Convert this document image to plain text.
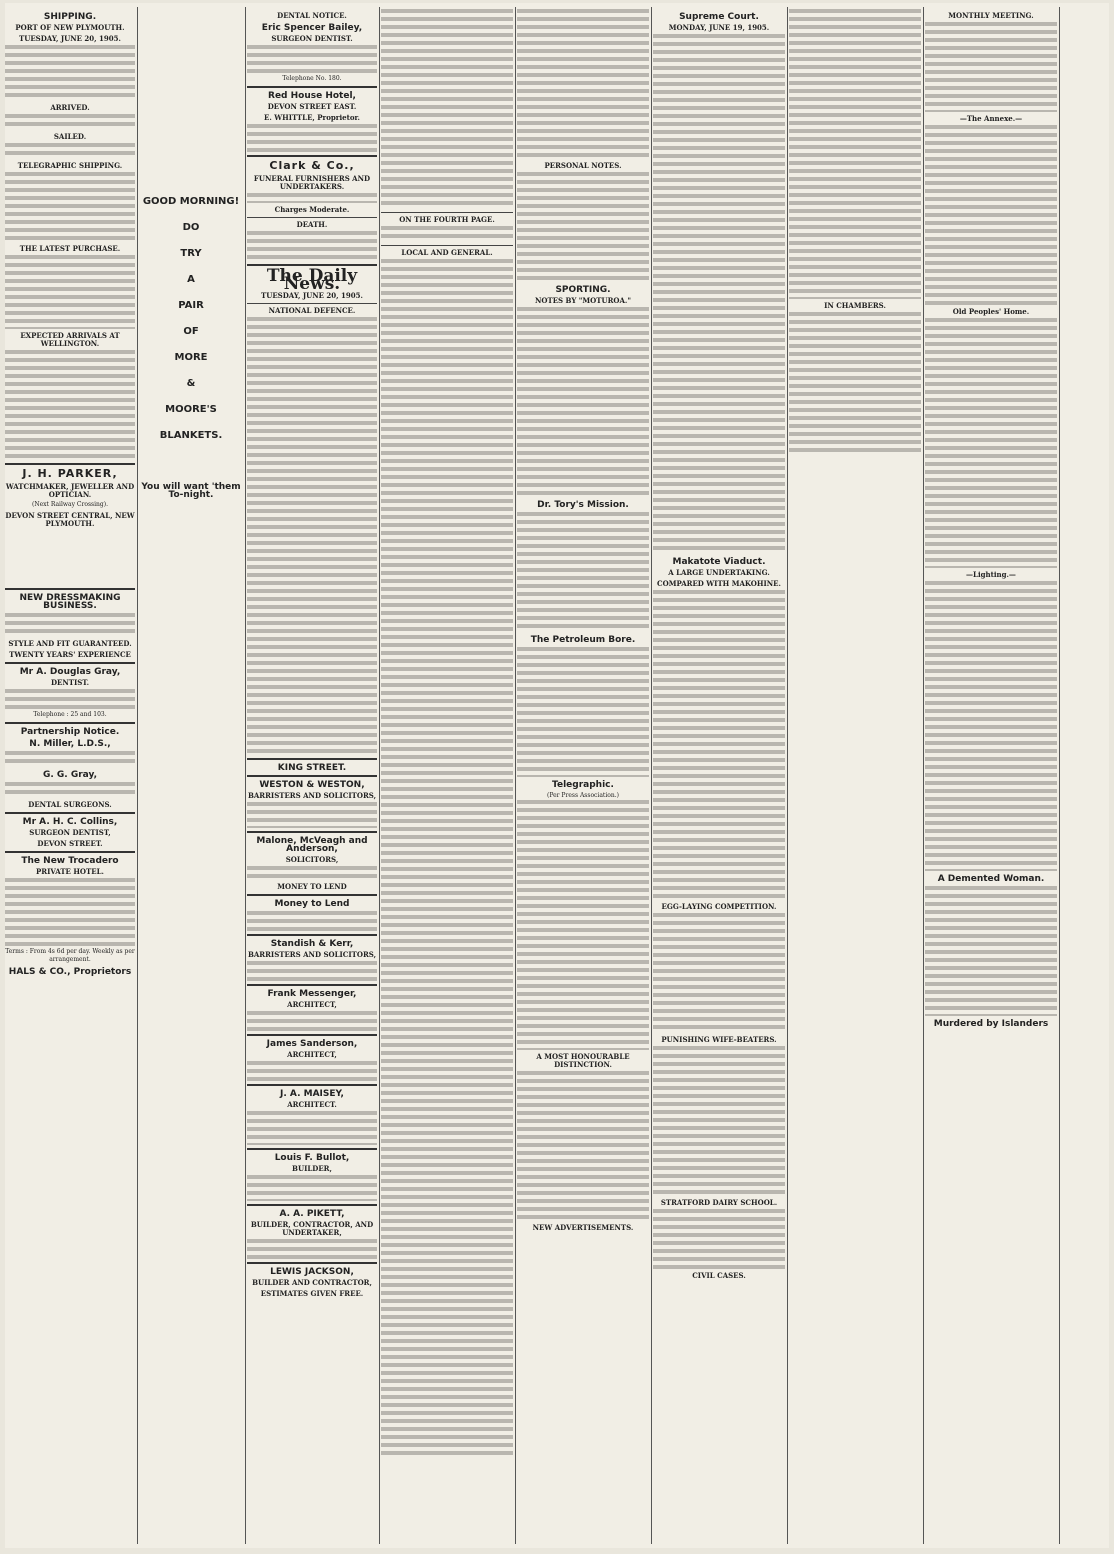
SHIPPING.
PORT OF NEW PLYMOUTH.
TUESDAY, JUNE 20, 1905.
ARRIVED.
SAILED.
TELEGRAPHIC SHIPPING.
THE LATEST PURCHASE.
EXPECTED ARRIVALS AT WELLINGTON.
J. H. PARKER,
WATCHMAKER, JEWELLER AND OPTICIAN.
(Next Railway Crossing).
DEVON STREET CENTRAL, NEW PLYMOUTH.
NEW DRESSMAKING BUSINESS.
STYLE AND FIT GUARANTEED.
TWENTY YEARS' EXPERIENCE
Mr A. Douglas Gray,
DENTIST.
Telephone : 25 and 103.
Partnership Notice.
N. Miller, L.D.S.,
G. G. Gray,
DENTAL SURGEONS.
Mr A. H. C. Collins,
SURGEON DENTIST,
DEVON STREET.
The New Trocadero
PRIVATE HOTEL.
Terms : From 4s 6d per day. Weekly as per arrangement.
HALS & CO., Proprietors
GOOD MORNING!
DO
TRY
A
PAIR
OF
MORE
&
MOORE'S
BLANKETS.
You will want 'them To-night.
DENTAL NOTICE.
Eric Spencer Bailey,
SURGEON DENTIST.
Telephone No. 180.
Red House Hotel,
DEVON STREET EAST.
E. WHITTLE, Proprietor.
Clark & Co.,
FUNERAL FURNISHERS AND UNDERTAKERS.
Charges Moderate.
DEATH.
The Daily News.
TUESDAY, JUNE 20, 1905.
NATIONAL DEFENCE.
KING STREET.
WESTON & WESTON,
BARRISTERS AND SOLICITORS,
Malone, McVeagh and Anderson,
SOLICITORS,
MONEY TO LEND
Money to Lend
Standish & Kerr,
BARRISTERS AND SOLICITORS,
Frank Messenger,
ARCHITECT,
James Sanderson,
ARCHITECT,
J. A. MAISEY,
ARCHITECT.
Louis F. Bullot,
BUILDER,
A. A. PIKETT,
BUILDER, CONTRACTOR, AND UNDERTAKER,
LEWIS JACKSON,
BUILDER AND CONTRACTOR,
ESTIMATES GIVEN FREE.
ON THE FOURTH PAGE.
LOCAL AND GENERAL.
PERSONAL NOTES.
SPORTING.
NOTES BY "MOTUROA."
Dr. Tory's Mission.
The Petroleum Bore.
Telegraphic.
(Per Press Association.)
A MOST HONOURABLE DISTINCTION.
NEW ADVERTISEMENTS.
Supreme Court.
MONDAY, JUNE 19, 1905.
Makatote Viaduct.
A LARGE UNDERTAKING.
COMPARED WITH MAKOHINE.
EGG-LAYING COMPETITION.
PUNISHING WIFE-BEATERS.
STRATFORD DAIRY SCHOOL.
CIVIL CASES.
IN CHAMBERS.
MONTHLY MEETING.
—The Annexe.—
Old Peoples' Home.
—Lighting.—
A Demented Woman.
Murdered by Islanders
